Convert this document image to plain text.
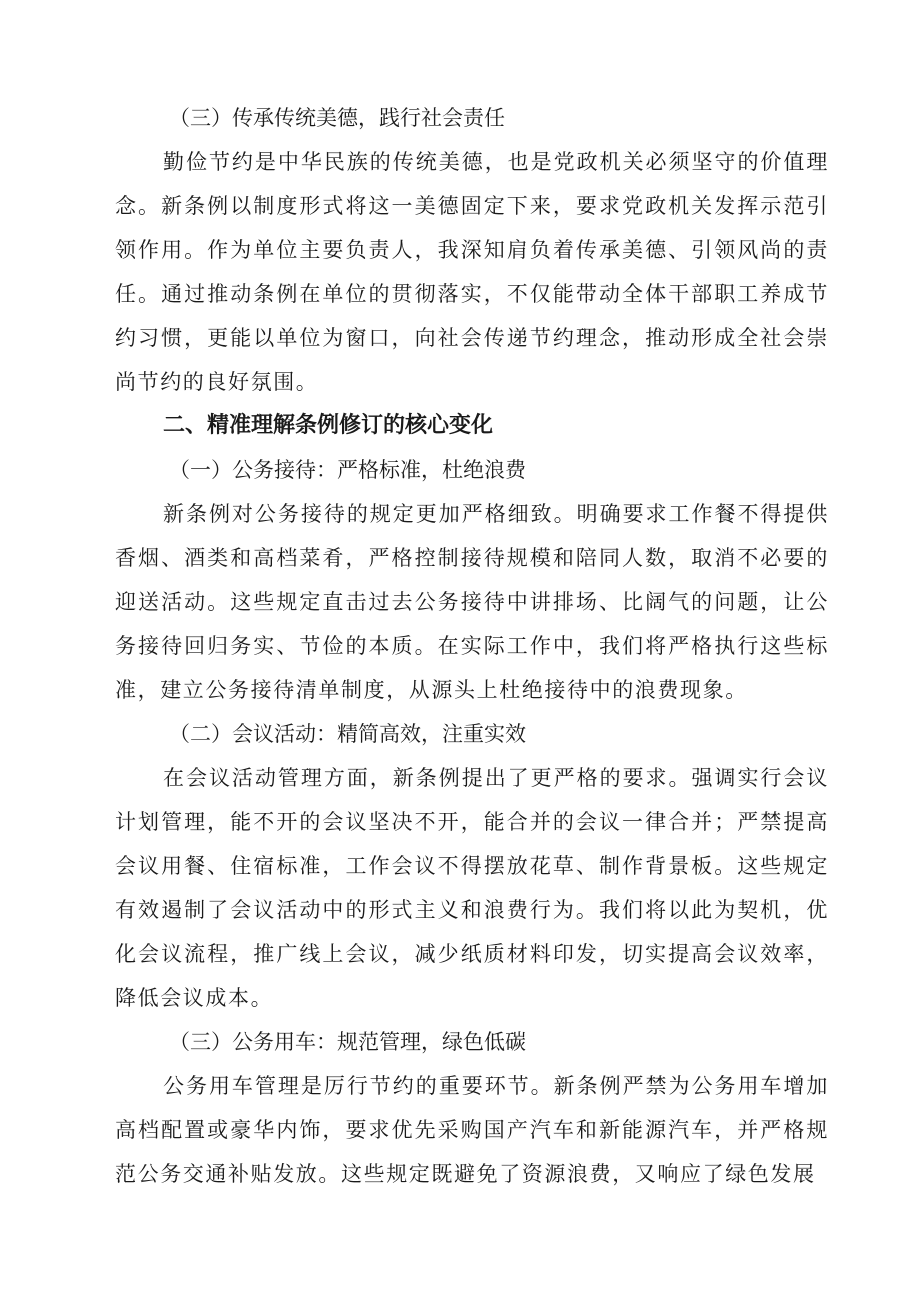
（三）传承传统美德，践行社会责任

勤俭节约是中华民族的传统美德，也是党政机关必须坚守的价值理念。新条例以制度形式将这一美德固定下来，要求党政机关发挥示范引领作用。作为单位主要负责人，我深知肩负着传承美德、引领风尚的责任。通过推动条例在单位的贯彻落实，不仅能带动全体干部职工养成节约习惯，更能以单位为窗口，向社会传递节约理念，推动形成全社会崇尚节约的良好氛围。

二、精准理解条例修订的核心变化
（一）公务接待：严格标准，杜绝浪费

新条例对公务接待的规定更加严格细致。明确要求工作餐不得提供香烟、酒类和高档菜肴，严格控制接待规模和陪同人数，取消不必要的迎送活动。这些规定直击过去公务接待中讲排场、比阔气的问题，让公务接待回归务实、节俭的本质。在实际工作中，我们将严格执行这些标准，建立公务接待清单制度，从源头上杜绝接待中的浪费现象。

（二）会议活动：精简高效，注重实效

在会议活动管理方面，新条例提出了更严格的要求。强调实行会议计划管理，能不开的会议坚决不开，能合并的会议一律合并；严禁提高会议用餐、住宿标准，工作会议不得摆放花草、制作背景板。这些规定有效遏制了会议活动中的形式主义和浪费行为。我们将以此为契机，优化会议流程，推广线上会议，减少纸质材料印发，切实提高会议效率，降低会议成本。

（三）公务用车：规范管理，绿色低碳

公务用车管理是厉行节约的重要环节。新条例严禁为公务用车增加高档配置或豪华内饰，要求优先采购国产汽车和新能源汽车，并严格规范公务交通补贴发放。这些规定既避免了资源浪费，又响应了绿色发展
